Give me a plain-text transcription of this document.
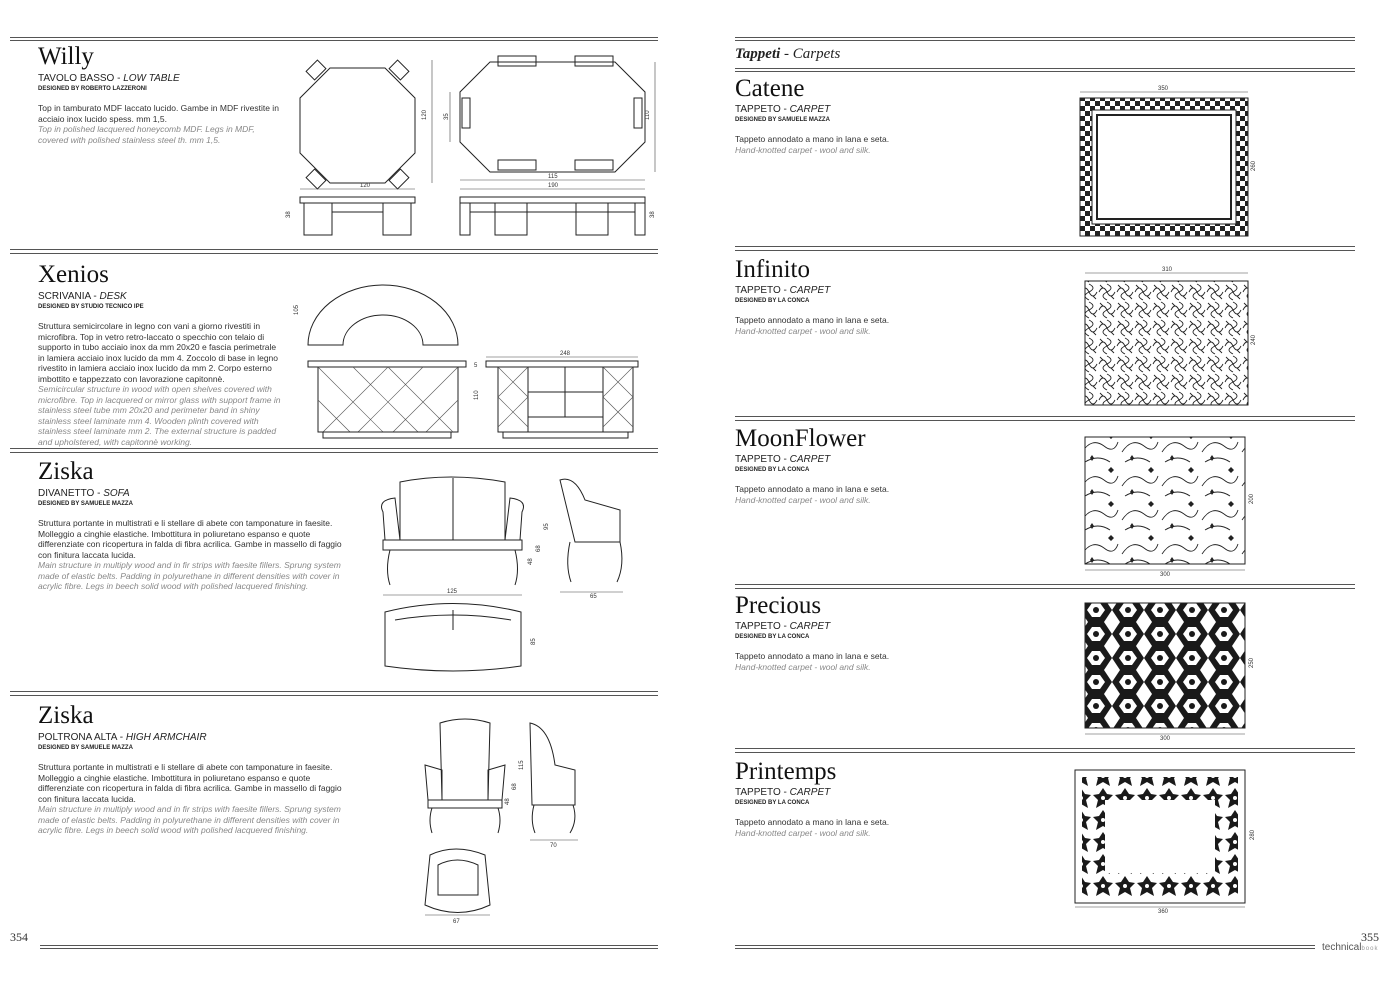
Willy
TAVOLO BASSO - LOW TABLE
DESIGNED BY ROBERTO LAZZERONI
Top in tamburato MDF laccato lucido. Gambe in MDF rivestite in acciaio inox lucido spess. mm 1,5.
Top in polished lacquered honeycomb MDF. Legs in MDF, covered with polished stainless steel th. mm 1,5.
120
120
110
35
115
190
38	38
Xenios
SCRIVANIA - DESK
DESIGNED BY STUDIO TECNICO IPE
Struttura semicircolare in legno con vani a giorno rivestiti in microfibra. Top in vetro retro-laccato o specchio con telaio di supporto in tubo acciaio inox da mm 20x20 e fascia perimetrale in lamiera acciaio inox lucido da mm 4. Zoccolo di base in legno rivestito in lamiera acciaio inox lucido da mm 2. Corpo esterno imbottito e tappezzato con lavorazione capitonnè.
Semicircular structure in wood with open shelves covered with microfibre. Top in lacquered or mirror glass with support frame in stainless steel tube mm 20x20 and perimeter band in shiny stainless steel laminate mm 4. Wooden plinth covered with stainless steel laminate mm 2. The external structure is padded and upholstered, with capitonnè working.
105
248
110
5
Ziska
DIVANETTO - SOFA
DESIGNED BY SAMUELE MAZZA
Struttura portante in multistrati e li stellare di abete con tamponature in faesite. Molleggio a cinghie elastiche. Imbottitura in poliuretano espanso e quote differenziate con ricopertura in falda di fibra acrilica. Gambe in massello di faggio con finitura laccata lucida.
Main structure in multiply wood and in fir strips with faesite fillers. Sprung system made of elastic belts. Padding in polyurethane in different densities with cover in acrylic fibre. Legs in beech solid wood with polished lacquered finishing.
125
48
68
95
65
85
Ziska
POLTRONA ALTA - HIGH ARMCHAIR
DESIGNED BY SAMUELE MAZZA
Struttura portante in multistrati e li stellare di abete con tamponature in faesite. Molleggio a cinghie elastiche. Imbottitura in poliuretano espanso e quote differenziate con ricopertura in falda di fibra acrilica. Gambe in massello di faggio con finitura laccata lucida.
Main structure in multiply wood and in fir strips with faesite fillers. Sprung system made of elastic belts. Padding in polyurethane in different densities with cover in acrylic fibre. Legs in beech solid wood with polished lacquered finishing.
48
68
115
70
67
354
Tappeti - Carpets
Catene
TAPPETO - CARPET
DESIGNED BY SAMUELE MAZZA
Tappeto annodato a mano in lana e seta.
Hand-knotted carpet - wool and silk.
Infinito
TAPPETO - CARPET
DESIGNED BY LA CONCA
Tappeto annodato a mano in lana e seta.
Hand-knotted carpet - wool and silk.
MoonFlower
TAPPETO - CARPET
DESIGNED BY LA CONCA
Tappeto annodato a mano in lana e seta.
Hand-knotted carpet - wool and silk.
Precious
TAPPETO - CARPET
DESIGNED BY LA CONCA
Tappeto annodato a mano in lana e seta.
Hand-knotted carpet - wool and silk.
Printemps
TAPPETO - CARPET
DESIGNED BY LA CONCA
Tappeto annodato a mano in lana e seta.
Hand-knotted carpet - wool and silk.
350
260
310
240
300
200
300
250
360
280
355
technicalbook
